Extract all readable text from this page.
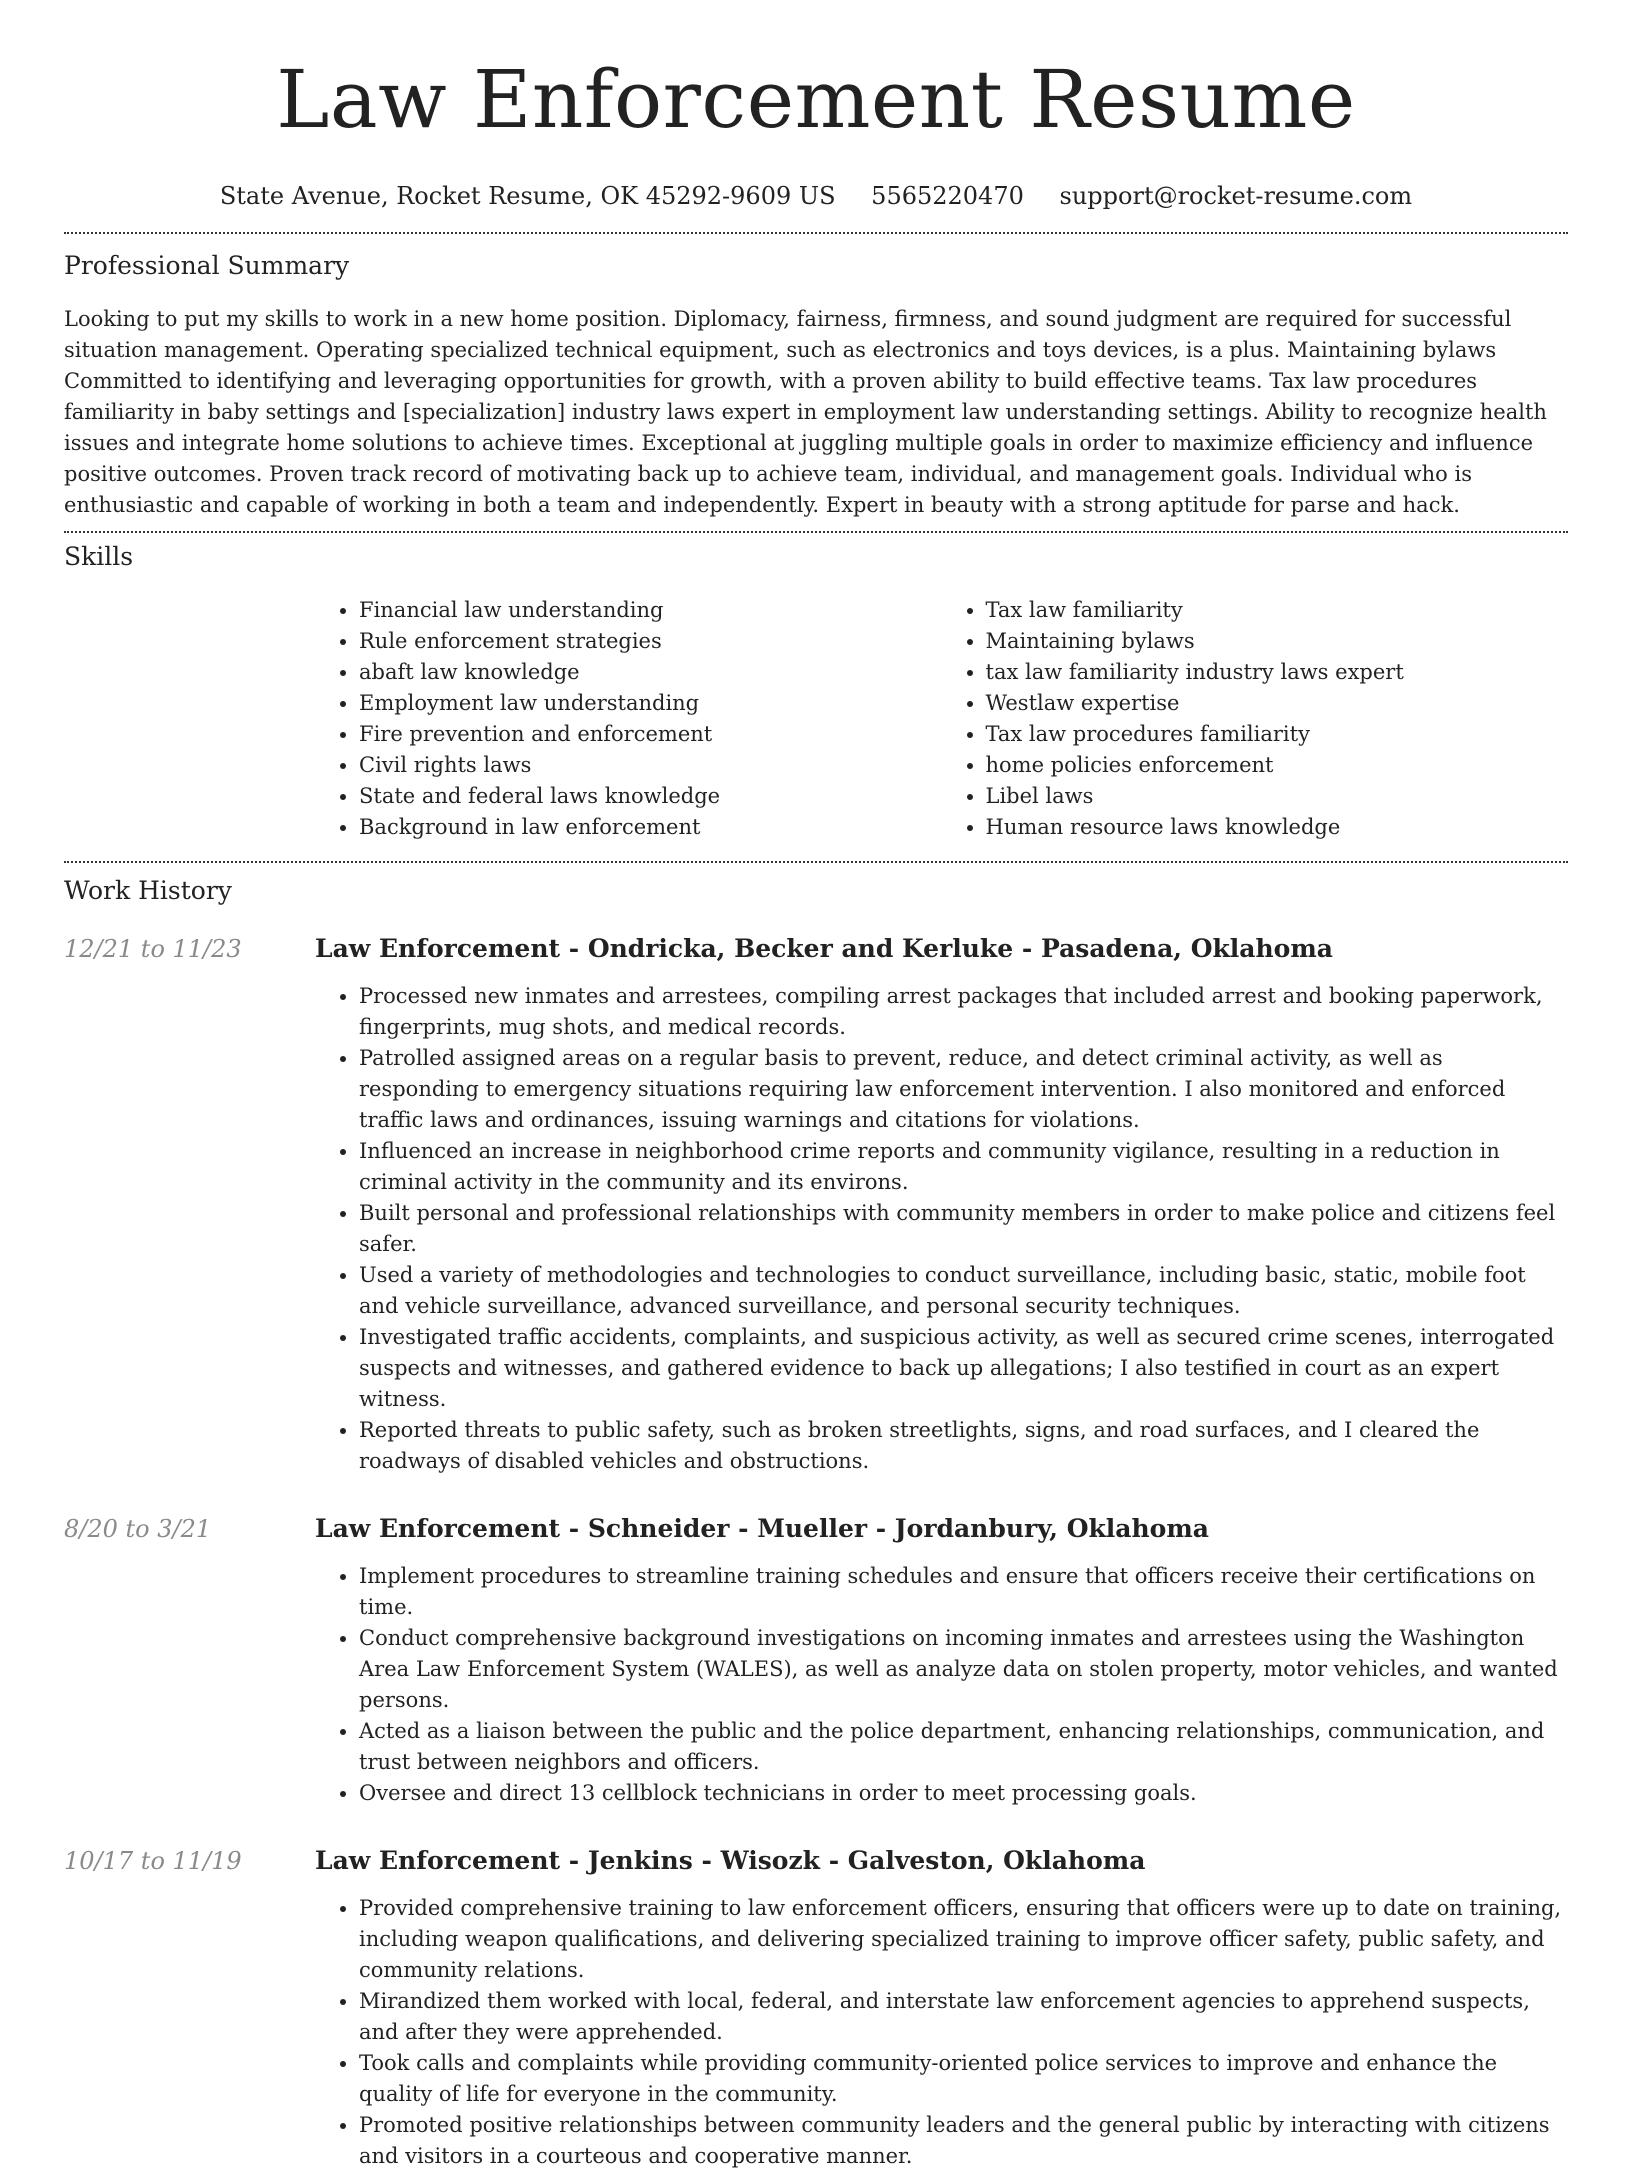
Law Enforcement Resume
State Avenue, Rocket Resume, OK 45292-9609 US 5565220470 support@rocket-resume.com
Professional Summary

Looking to put my skills to work in a new home position. Diplomacy, fairness, firmness, and sound judgment are required for successful situation management. Operating specialized technical equipment, such as electronics and toys devices, is a plus. Maintaining bylaws Committed to identifying and leveraging opportunities for growth, with a proven ability to build effective teams. Tax law procedures familiarity in baby settings and [specialization] industry laws expert in employment law understanding settings. Ability to recognize health issues and integrate home solutions to achieve times. Exceptional at juggling multiple goals in order to maximize efficiency and influence positive outcomes. Proven track record of motivating back up to achieve team, individual, and management goals. Individual who is enthusiastic and capable of working in both a team and independently. Expert in beauty with a strong aptitude for parse and hack.

Skills
• Financial law understanding
• Rule enforcement strategies
• abaft law knowledge
• Employment law understanding
• Fire prevention and enforcement
• Civil rights laws
• State and federal laws knowledge
• Background in law enforcement
• Tax law familiarity
• Maintaining bylaws
• tax law familiarity industry laws expert
• Westlaw expertise
• Tax law procedures familiarity
• home policies enforcement
• Libel laws
• Human resource laws knowledge
Work History
12/21 to 11/23	Law Enforcement - Ondricka, Becker and Kerluke - Pasadena, Oklahoma
• Processed new inmates and arrestees, compiling arrest packages that included arrest and booking paperwork, fingerprints, mug shots, and medical records.
• Patrolled assigned areas on a regular basis to prevent, reduce, and detect criminal activity, as well as responding to emergency situations requiring law enforcement intervention. I also monitored and enforced traffic laws and ordinances, issuing warnings and citations for violations.
• Influenced an increase in neighborhood crime reports and community vigilance, resulting in a reduction in criminal activity in the community and its environs.
• Built personal and professional relationships with community members in order to make police and citizens feel safer.
• Used a variety of methodologies and technologies to conduct surveillance, including basic, static, mobile foot and vehicle surveillance, advanced surveillance, and personal security techniques.
• Investigated traffic accidents, complaints, and suspicious activity, as well as secured crime scenes, interrogated suspects and witnesses, and gathered evidence to back up allegations; I also testified in court as an expert witness.
• Reported threats to public safety, such as broken streetlights, signs, and road surfaces, and I cleared the roadways of disabled vehicles and obstructions.
8/20 to 3/21	Law Enforcement - Schneider - Mueller - Jordanbury, Oklahoma
• Implement procedures to streamline training schedules and ensure that officers receive their certifications on time.
• Conduct comprehensive background investigations on incoming inmates and arrestees using the Washington Area Law Enforcement System (WALES), as well as analyze data on stolen property, motor vehicles, and wanted persons.
• Acted as a liaison between the public and the police department, enhancing relationships, communication, and trust between neighbors and officers.
• Oversee and direct 13 cellblock technicians in order to meet processing goals.
10/17 to 11/19	Law Enforcement - Jenkins - Wisozk - Galveston, Oklahoma
• Provided comprehensive training to law enforcement officers, ensuring that officers were up to date on training, including weapon qualifications, and delivering specialized training to improve officer safety, public safety, and community relations.
• Mirandized them worked with local, federal, and interstate law enforcement agencies to apprehend suspects, and after they were apprehended.
• Took calls and complaints while providing community-oriented police services to improve and enhance the quality of life for everyone in the community.
• Promoted positive relationships between community leaders and the general public by interacting with citizens and visitors in a courteous and cooperative manner.
